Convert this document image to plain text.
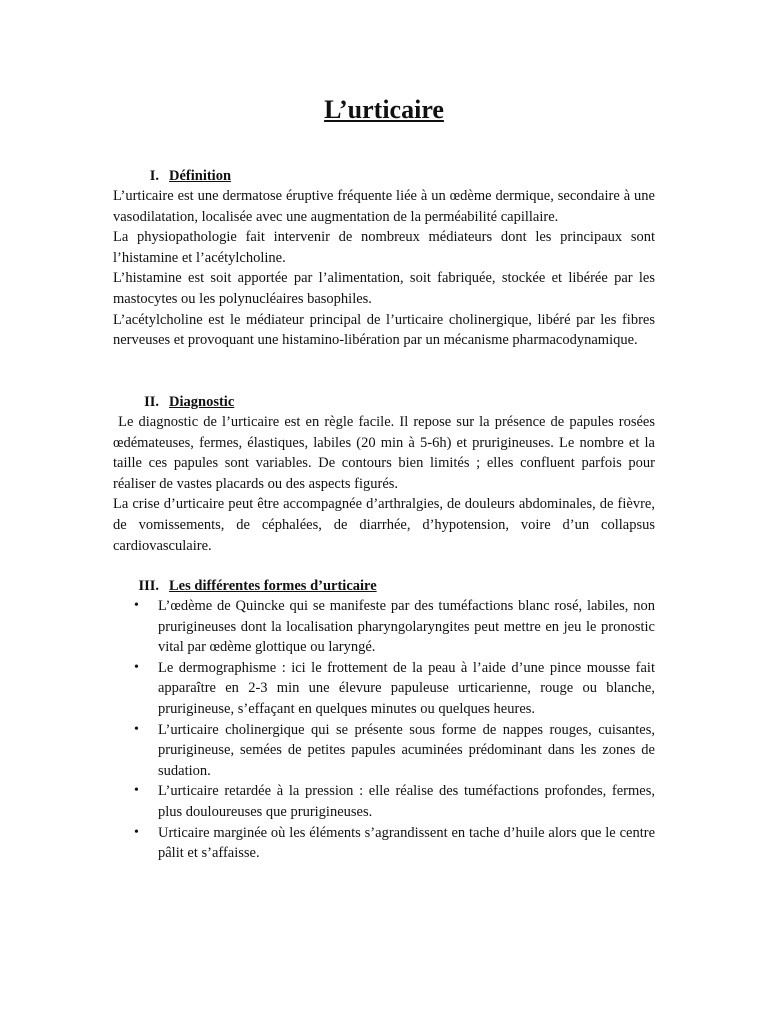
L’urticaire
I. Définition

L’urticaire est une dermatose éruptive fréquente liée à un œdème dermique, secondaire à une vasodilatation, localisée avec une augmentation de la perméabilité capillaire.

La physiopathologie fait intervenir de nombreux médiateurs dont les principaux sont l’histamine et l’acétylcholine.

L’histamine est soit apportée par l’alimentation, soit fabriquée, stockée et libérée par les mastocytes ou les polynucléaires basophiles.

L’acétylcholine est le médiateur principal de l’urticaire cholinergique, libéré par les fibres nerveuses et provoquant une histamino-libération par un mécanisme pharmacodynamique.

II. Diagnostic

Le diagnostic de l’urticaire est en règle facile. Il repose sur la présence de papules rosées œdémateuses, fermes, élastiques, labiles (20 min à 5-6h) et prurigineuses. Le nombre et la taille ces papules sont variables. De contours bien limités ; elles confluent parfois pour réaliser de vastes placards ou des aspects figurés.

La crise d’urticaire peut être accompagnée d’arthralgies, de douleurs abdominales, de fièvre, de vomissements, de céphalées, de diarrhée, d’hypotension, voire d’un collapsus cardiovasculaire.

III. Les différentes formes d’urticaire
• L’œdème de Quincke qui se manifeste par des tuméfactions blanc rosé, labiles, non prurigineuses dont la localisation pharyngolaryngites peut mettre en jeu le pronostic vital par œdème glottique ou laryngé.
• Le dermographisme : ici le frottement de la peau à l’aide d’une pince mousse fait apparaître en 2-3 min une élevure papuleuse urticarienne, rouge ou blanche, prurigineuse, s’effaçant en quelques minutes ou quelques heures.
• L’urticaire cholinergique qui se présente sous forme de nappes rouges, cuisantes, prurigineuse, semées de petites papules acuminées prédominant dans les zones de sudation.
• L’urticaire retardée à la pression : elle réalise des tuméfactions profondes, fermes, plus douloureuses que prurigineuses.
• Urticaire marginée où les éléments s’agrandissent en tache d’huile alors que le centre pâlit et s’affaisse.
